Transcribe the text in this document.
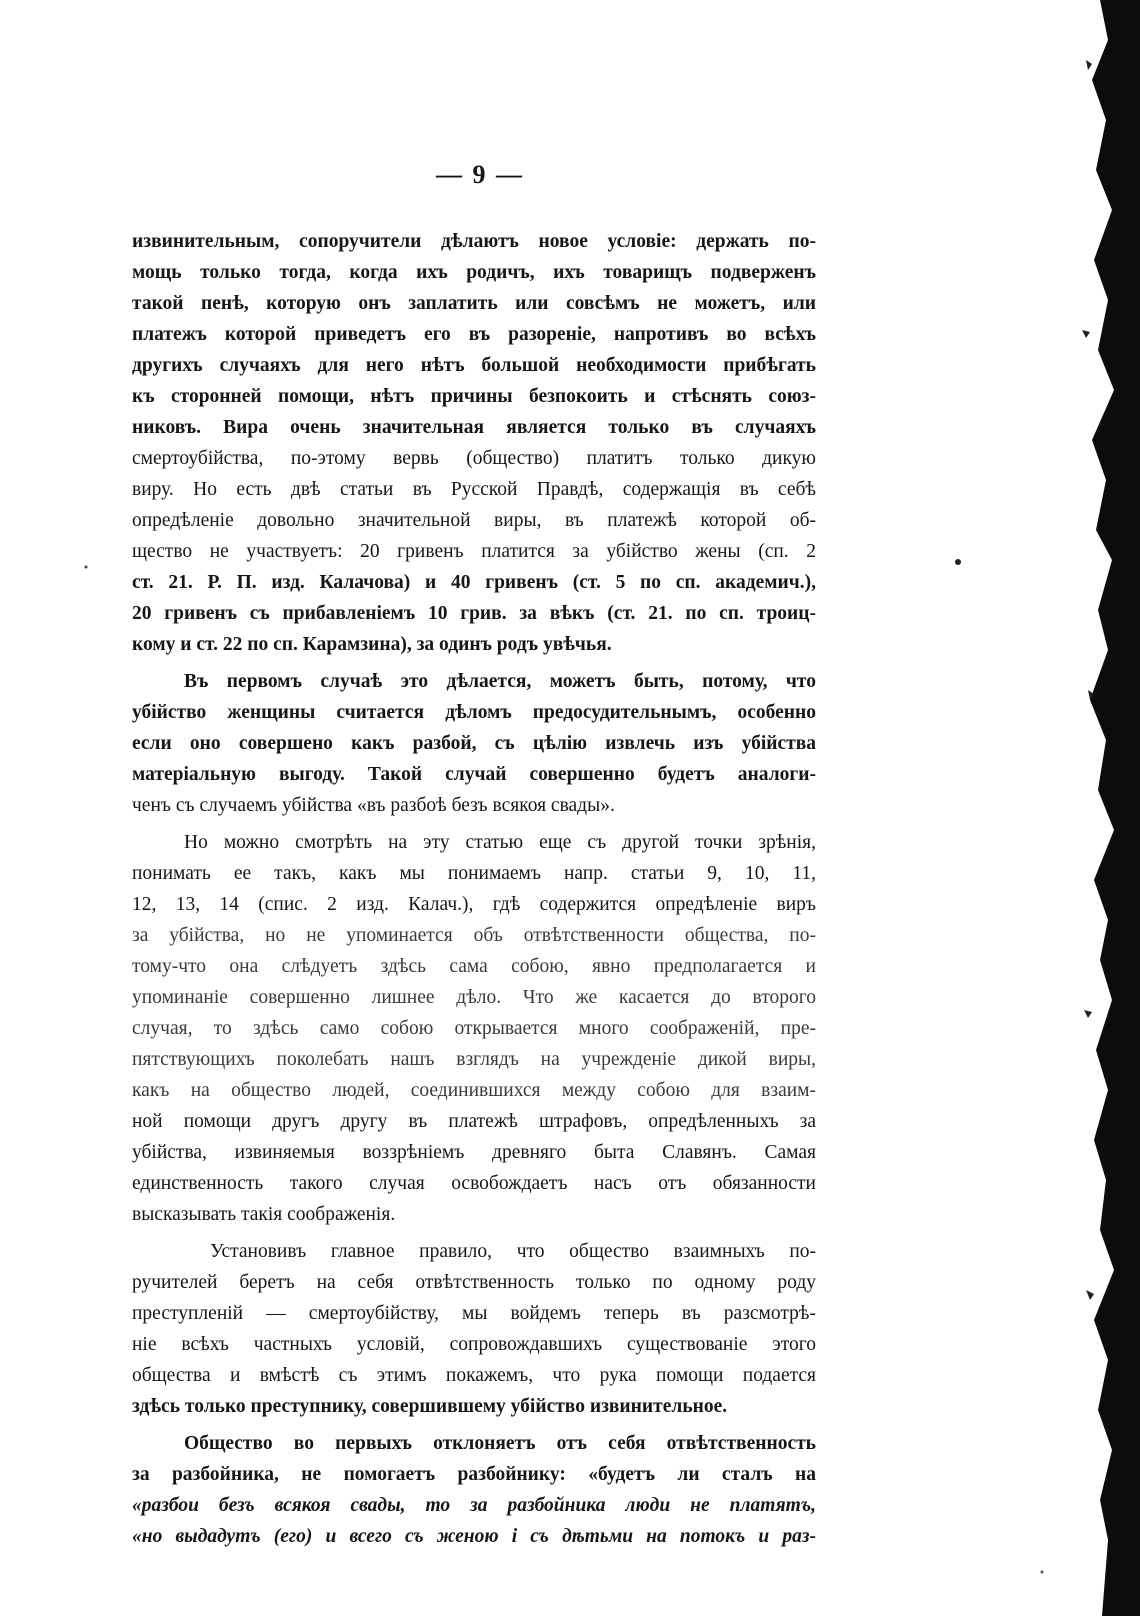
— 9 —
извинительным, сопоручители дѣлаютъ новое условіе: держать по-
мощь только тогда, когда ихъ родичъ, ихъ товарищъ подверженъ
такой пенѣ, которую онъ заплатить или совсѣмъ не можетъ, или
платежъ которой приведетъ его въ разореніе, напротивъ во всѣхъ
другихъ случаяхъ для него нѣтъ большой необходимости прибѣгать
къ сторонней помощи, нѣтъ причины безпокоить и стѣснять союз-
никовъ. Вира очень значительная является только въ случаяхъ
смертоубійства, по-этому вервь (общество) платитъ только дикую
виру. Но есть двѣ статьи въ Русской Правдѣ, содержащія въ себѣ
опредѣленіе довольно значительной виры, въ платежѣ которой об-
щество не участвуетъ: 20 гривенъ платится за убійство жены (сп. 2
ст. 21. Р. П. изд. Калачова) и 40 гривенъ (ст. 5 по сп. академич.),
20 гривенъ съ прибавленіемъ 10 грив. за вѣкъ (ст. 21. по сп. троиц-
кому и ст. 22 по сп. Карамзина), за одинъ родъ увѣчья.
Въ первомъ случаѣ это дѣлается, можетъ быть, потому, что
убійство женщины считается дѣломъ предосудительнымъ, особенно
если оно совершено какъ разбой, съ цѣлію извлечь изъ убійства
матеріальную выгоду. Такой случай совершенно будетъ аналоги-
ченъ съ случаемъ убійства «въ разбоѣ безъ всякоя свады».
Но можно смотрѣть на эту статью еще съ другой точки зрѣнія,
понимать ее такъ, какъ мы понимаемъ напр. статьи 9, 10, 11,
12, 13, 14 (спис. 2 изд. Калач.), гдѣ содержится опредѣленіе виръ
за убійства, но не упоминается объ отвѣтственности общества, по-
тому-что она слѣдуетъ здѣсь сама собою, явно предполагается и
упоминаніе совершенно лишнее дѣло. Что же касается до второго
случая, то здѣсь само собою открывается много соображеній, пре-
пятствующихъ поколебать нашъ взглядъ на учрежденіе дикой виры,
какъ на общество людей, соединившихся между собою для взаим-
ной помощи другъ другу въ платежѣ штрафовъ, опредѣленныхъ за
убійства, извиняемыя воззрѣніемъ древняго быта Славянъ. Самая
единственность такого случая освобождаетъ насъ отъ обязанности
высказывать такія соображенія.
Установивъ главное правило, что общество взаимныхъ по-
ручителей беретъ на себя отвѣтственность только по одному роду
преступленій — смертоубійству, мы войдемъ теперь въ разсмотрѣ-
ніе всѣхъ частныхъ условій, сопровождавшихъ существованіе этого
общества и вмѣстѣ съ этимъ покажемъ, что рука помощи подается
здѣсь только преступнику, совершившему убійство извинительное.
Общество во первыхъ отклоняетъ отъ себя отвѣтственность
за разбойника, не помогаетъ разбойнику: «будетъ ли сталъ на
«разбои безъ всякоя свады, то за разбойника люди не платятъ,
«но выдадутъ (его) и всего съ женою і съ дѣтьми на потокъ и раз-
